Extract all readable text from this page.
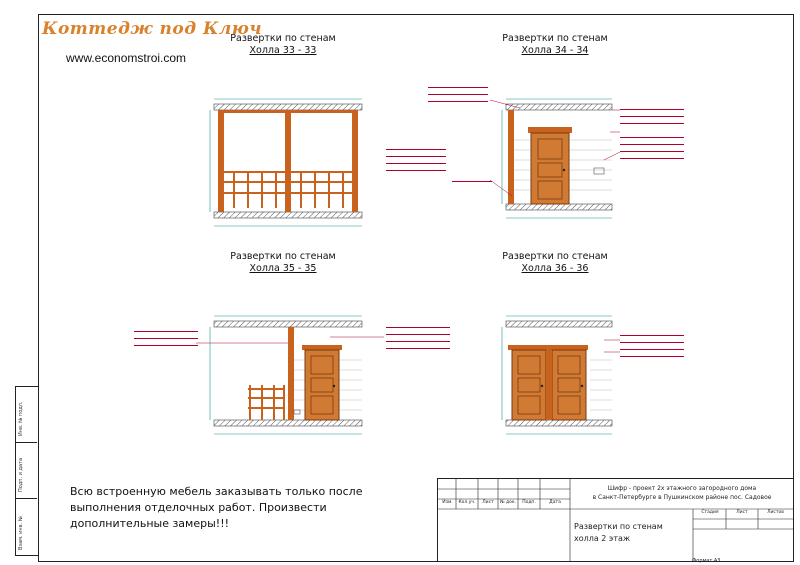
Коттедж под Ключ
www.economstroi.com
Развертки по стенам
Холла 33 - 33
Развертки по стенам
Холла 34 - 34
Развертки по стенам
Холла 35 - 35
Развертки по стенам
Холла 36 - 36
Всю встроенную мебель заказывать только после выполнения отделочных работ. Произвести дополнительные замеры!!!
Инв. № подл.
Подп. и дата
Взам. инв. №
Изм.	Кол.уч.	Лист	№ док.	Подп.	Дата
Шифр - проект 2х этажного загородного дома
в Санкт-Петербурге в Пушкинском районе пос. Садовое
Развертки по стенам
холла 2 этаж
Стадия	Лист	Листов
Формат А3
